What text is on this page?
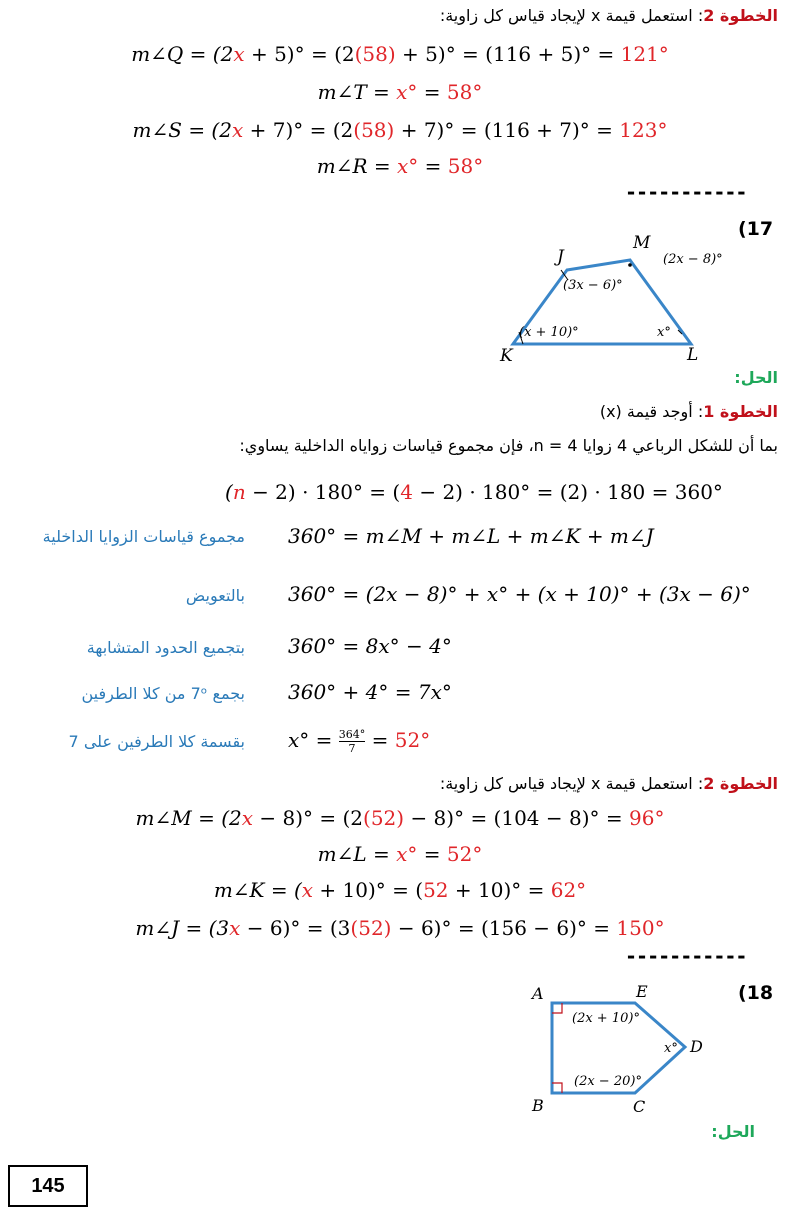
الخطوة 2: استعمل قيمة x لإيجاد قياس كل زاوية:
m∠Q = (2x + 5)° = (2(58) + 5)° = (116 + 5)° = 121°
m∠T = x° = 58°
m∠S = (2x + 7)° = (2(58) + 7)° = (116 + 7)° = 123°
m∠R = x° = 58°
-----------
(17
J
M
K	L
(2x − 8)°
(3x − 6)°
(x + 10)°	x°
الحل:
الخطوة 1: أوجد قيمة (x)
بما أن للشكل الرباعي 4 زوايا n = 4، فإن مجموع قياسات زواياه الداخلية يساوي:
(n − 2) · 180° = (4 − 2) · 180° = (2) · 180 = 360°
360° = m∠M + m∠L + m∠K + m∠J
مجموع قياسات الزوايا الداخلية
360° = (2x − 8)° + x° + (x + 10)° + (3x − 6)°
بالتعويض
360° = 8x° − 4°
بتجميع الحدود المتشابهة
360° + 4° = 7x°
بجمع 7ᵒ من كلا الطرفين
$x^\circ = \frac{364^\circ}{7} = 52^\circ$
بقسمة كلا الطرفين على 7
الخطوة 2: استعمل قيمة x لإيجاد قياس كل زاوية:
m∠M = (2x − 8)° = (2(52) − 8)° = (104 − 8)° = 96°
m∠L = x° = 52°
m∠K = (x + 10)° = (52 + 10)° = 62°
m∠J = (3x − 6)° = (3(52) − 6)° = (156 − 6)° = 150°
-----------
(18
A	E
D
B	C
(2x + 10)°
x°
(2x − 20)°
الحل:
145
